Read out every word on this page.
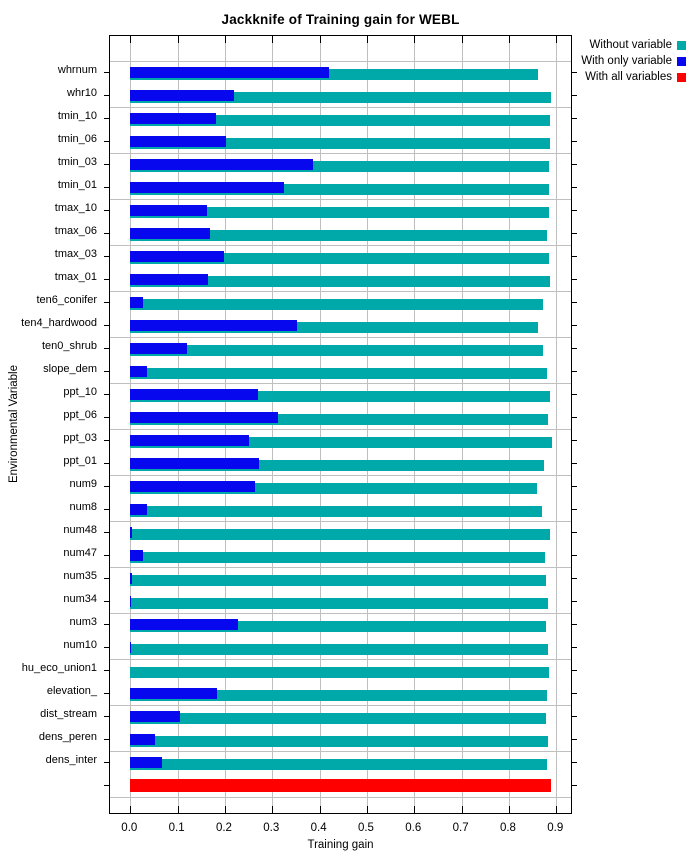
Jackknife of Training gain for WEBL
Environmental Variable
whrnum
whr10
tmin_10
tmin_06
tmin_03
tmin_01
tmax_10
tmax_06
tmax_03
tmax_01
ten6_conifer
ten4_hardwood
ten0_shrub
slope_dem
ppt_10
ppt_06
ppt_03
ppt_01
num9
num8
num48
num47
num35
num34
num3
num10
hu_eco_union1
elevation_
dist_stream
dens_peren
dens_inter
0.0	0.1	0.2	0.3	0.4	0.5	0.6	0.7	0.8	0.9
Training gain
Without variable
With only variable
With all variables
